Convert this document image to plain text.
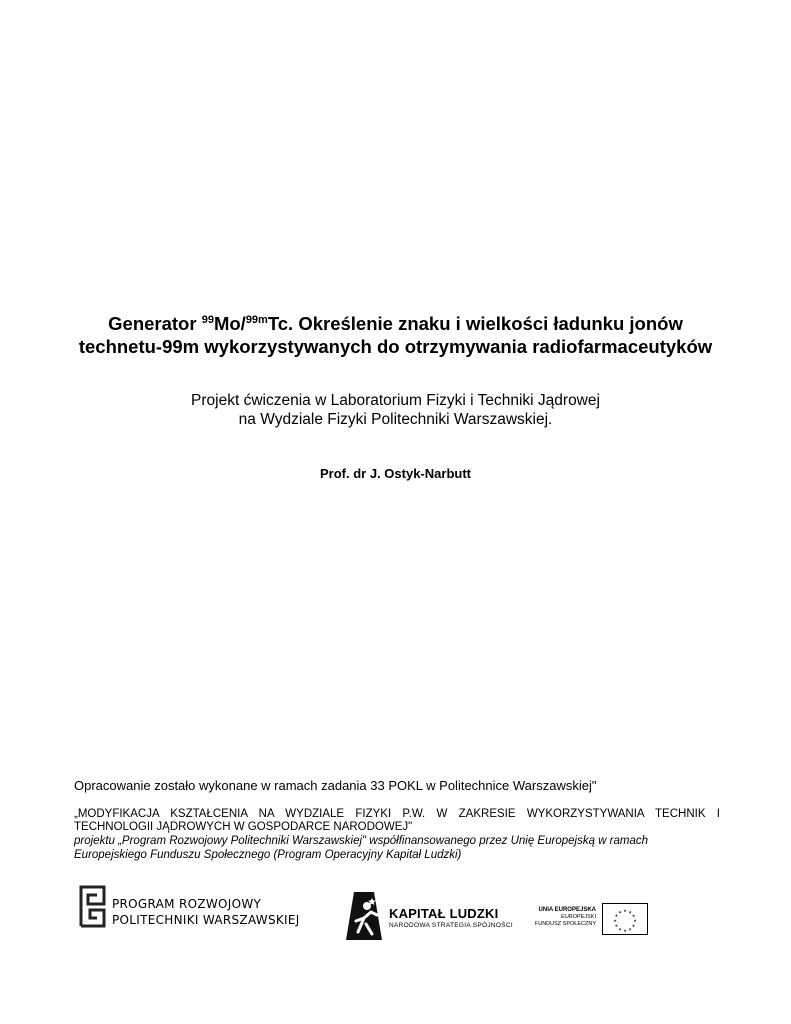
Generator $^{99}$Mo/$^{99m}$Tc. Określenie znaku i wielkości ładunku jonów
technetu-99m wykorzystywanych do otrzymywania radiofarmaceutyków
Projekt ćwiczenia w Laboratorium Fizyki i Techniki Jądrowej
na Wydziale Fizyki Politechniki Warszawskiej.
Prof. dr J. Ostyk-Narbutt
Opracowanie zostało wykonane w ramach zadania 33 POKL w Politechnice Warszawskiej"
„MODYFIKACJA KSZTAŁCENIA NA WYDZIALE FIZYKI P.W. W ZAKRESIE WYKORZYSTYWANIA TECHNIK I
TECHNOLOGII JĄDROWYCH W GOSPODARCE NARODOWEJ"
projektu „Program Rozwojowy Politechniki Warszawskiej" współfinansowanego przez Unię Europejską w ramach
Europejskiego Funduszu Społecznego (Program Operacyjny Kapitał Ludzki)
PROGRAM ROZWOJOWY
POLITECHNIKI WARSZAWSKIEJ	KAPITAŁ LUDZKI
NARODOWA STRATEGIA SPÓJNOŚCI
UNIA EUROPEJSKA
EUROPEJSKI
FUNDUSZ SPOŁECZNY
★ ★
★
★
★
★
★
★
★
★
★
★
